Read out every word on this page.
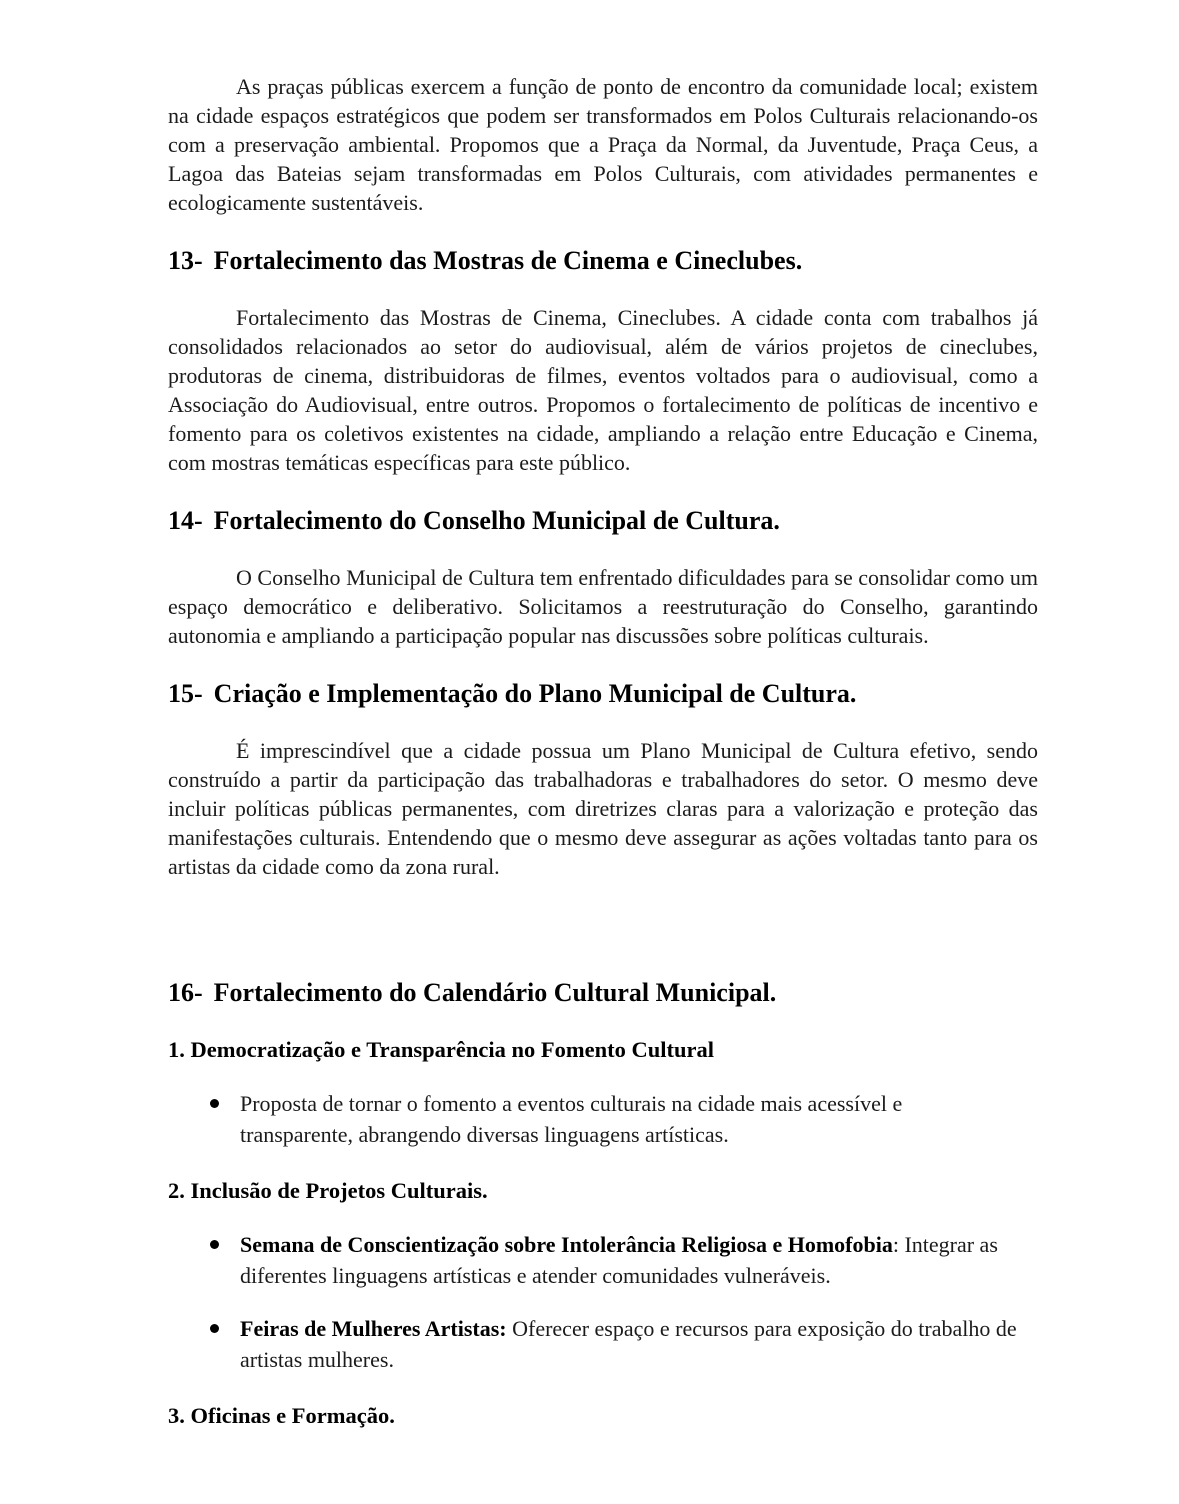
As praças públicas exercem a função de ponto de encontro da comunidade local; existem na cidade espaços estratégicos que podem ser transformados em Polos Culturais relacionando-os com a preservação ambiental. Propomos que a Praça da Normal, da Juventude, Praça Ceus, a Lagoa das Bateias sejam transformadas em Polos Culturais, com atividades permanentes e ecologicamente sustentáveis.

13- Fortalecimento das Mostras de Cinema e Cineclubes.

Fortalecimento das Mostras de Cinema, Cineclubes. A cidade conta com trabalhos já consolidados relacionados ao setor do audiovisual, além de vários projetos de cineclubes, produtoras de cinema, distribuidoras de filmes, eventos voltados para o audiovisual, como a Associação do Audiovisual, entre outros. Propomos o fortalecimento de políticas de incentivo e fomento para os coletivos existentes na cidade, ampliando a relação entre Educação e Cinema, com mostras temáticas específicas para este público.

14- Fortalecimento do Conselho Municipal de Cultura.

O Conselho Municipal de Cultura tem enfrentado dificuldades para se consolidar como um espaço democrático e deliberativo. Solicitamos a reestruturação do Conselho, garantindo autonomia e ampliando a participação popular nas discussões sobre políticas culturais.

15- Criação e Implementação do Plano Municipal de Cultura.

É imprescindível que a cidade possua um Plano Municipal de Cultura efetivo, sendo construído a partir da participação das trabalhadoras e trabalhadores do setor. O mesmo deve incluir políticas públicas permanentes, com diretrizes claras para a valorização e proteção das manifestações culturais. Entendendo que o mesmo deve assegurar as ações voltadas tanto para os artistas da cidade como da zona rural.

16- Fortalecimento do Calendário Cultural Municipal.
1. Democratização e Transparência no Fomento Cultural
Proposta de tornar o fomento a eventos culturais na cidade mais acessível e transparente, abrangendo diversas linguagens artísticas.
2. Inclusão de Projetos Culturais.
Semana de Conscientização sobre Intolerância Religiosa e Homofobia: Integrar as diferentes linguagens artísticas e atender comunidades vulneráveis.
Feiras de Mulheres Artistas: Oferecer espaço e recursos para exposição do trabalho de artistas mulheres.
3. Oficinas e Formação.
